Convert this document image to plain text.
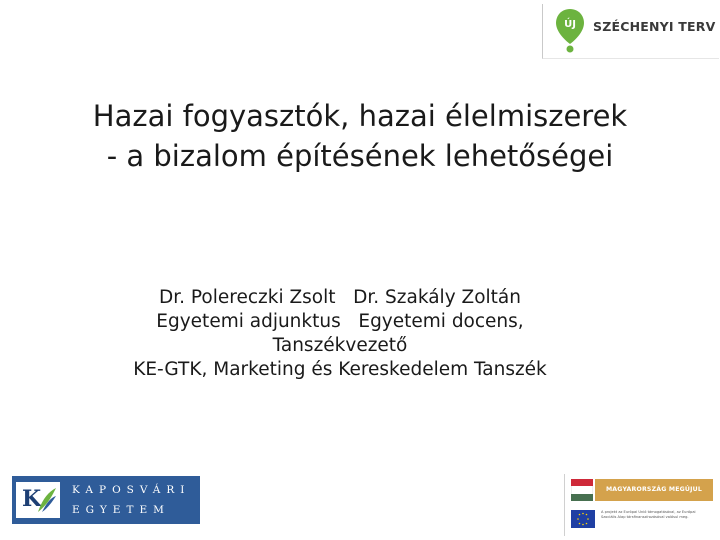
ÚJ SZÉCHENYI TERV
Hazai fogyasztók, hazai élelmiszerek
- a bizalom építésének lehetőségei
Dr. Polereczki Zsolt   Dr. Szakály Zoltán
Egyetemi adjunktus   Egyetemi docens,
Tanszékvezető
KE-GTK, Marketing és Kereskedelem Tanszék
K	KAPOSVÁRI
EGYETEM
MAGYARORSZÁG MEGÚJUL
A projekt az Európai Unió támogatásával, az Európai
Szociális Alap társfinanszírozásával valósul meg.
